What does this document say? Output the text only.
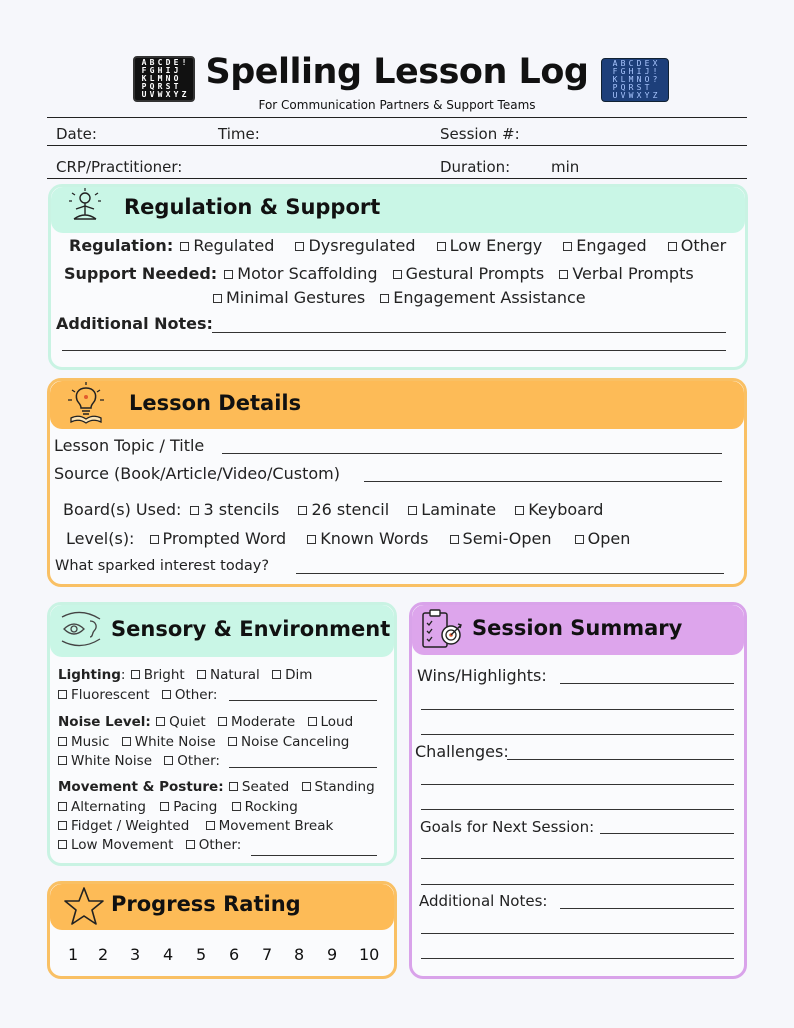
A B C D E !
F G H I J
K L M N O
P Q R S T
U V W X Y Z
A B C D E X
F G H I J !
K L M N O ?
P Q R S T
U V W X Y Z
Spelling Lesson Log
For Communication Partners & Support Teams
Date:	Time:	Session #:
CRP/Practitioner:	Duration:	min
Regulation & Support
Regulation: Regulated Dysregulated Low Energy Engaged Other
Support Needed: Motor Scaffolding Gestural Prompts Verbal Prompts
Minimal Gestures Engagement Assistance
Additional Notes:
Lesson Details
Lesson Topic / Title
Source (Book/Article/Video/Custom)
Board(s) Used: 3 stencils 26 stencil Laminate Keyboard
Level(s): Prompted Word Known Words Semi-Open Open
What sparked interest today?
Sensory & Environment
Lighting: Bright Natural Dim
Fluorescent Other:
Noise Level: Quiet Moderate Loud
Music White Noise Noise Canceling
White Noise Other:
Movement & Posture: Seated Standing
Alternating Pacing Rocking
Fidget / Weighted Movement Break
Low Movement Other:
Progress Rating
1 2 3 4 5 6 7 8 9 10
Session Summary
Wins/Highlights:
Challenges:
Goals for Next Session:
Additional Notes:
